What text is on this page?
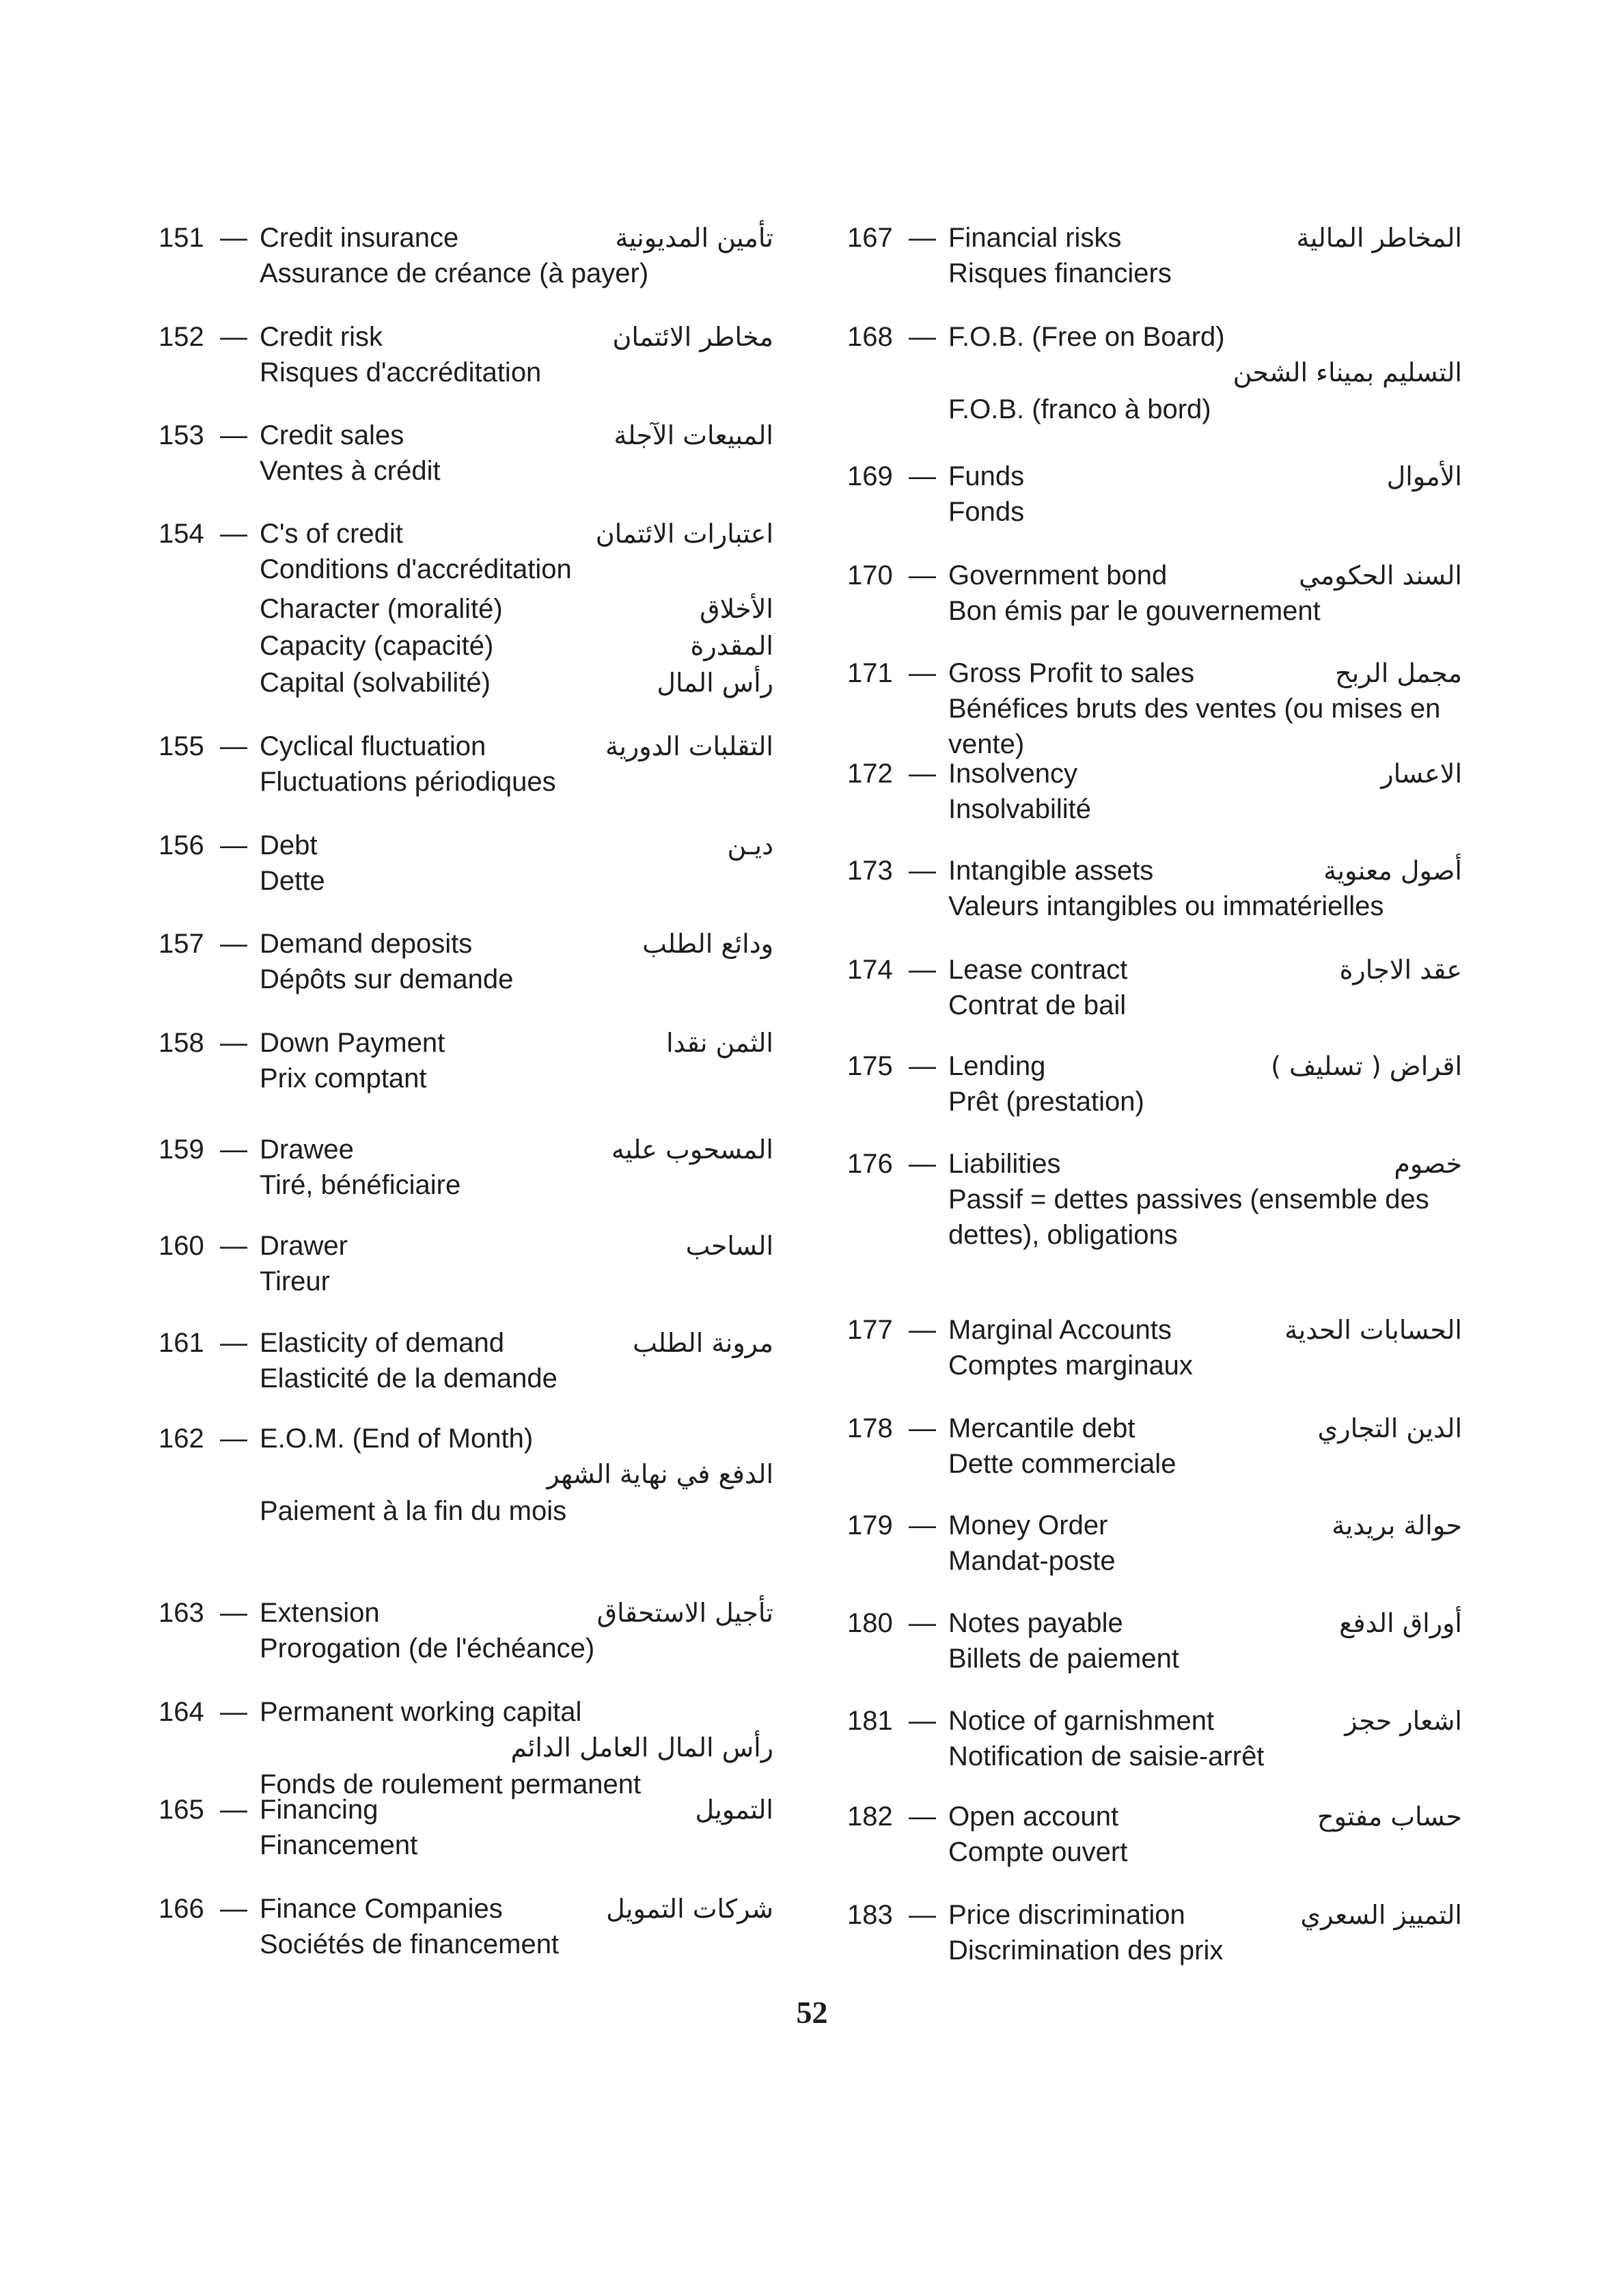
151 — Credit insurance	تأمين المديونية
Assurance de créance (à payer)
152 — Credit risk	مخاطر الائتمان
Risques d'accréditation
153 — Credit sales	المبيعات الآجلة
Ventes à crédit
154 — C's of credit	اعتبارات الائتمان
Conditions d'accréditation
Character (moralité)	الأخلاق
Capacity (capacité)	المقدرة
Capital (solvabilité)	رأس المال
155 — Cyclical fluctuation	التقلبات الدورية
Fluctuations périodiques
156 — Debt	ديـن
Dette
157 — Demand deposits	ودائع الطلب
Dépôts sur demande
158 — Down Payment	الثمن نقدا
Prix comptant
159 — Drawee	المسحوب عليه
Tiré, bénéficiaire
160 — Drawer	الساحب
Tireur
161 — Elasticity of demand	مرونة الطلب
Elasticité de la demande
162 — E.O.M. (End of Month)
الدفع في نهاية الشهر
Paiement à la fin du mois
163 — Extension	تأجيل الاستحقاق
Prorogation (de l'échéance)
164 — Permanent working capital
رأس المال العامل الدائم
Fonds de roulement permanent
165 — Financing	التمويل
Financement
166 — Finance Companies	شركات التمويل
Sociétés de financement
167 — Financial risks	المخاطر المالية
Risques financiers
168 — F.O.B. (Free on Board)
التسليم بميناء الشحن
F.O.B. (franco à bord)
169 — Funds	الأموال
Fonds
170 — Government bond	السند الحكومي
Bon émis par le gouvernement
171 — Gross Profit to sales	مجمل الربح
Bénéfices bruts des ventes (ou mises en vente)
172 — Insolvency	الاعسار
Insolvabilité
173 — Intangible assets	أصول معنوية
Valeurs intangibles ou immatérielles
174 — Lease contract	عقد الاجارة
Contrat de bail
175 — Lending	اقراض ( تسليف )
Prêt (prestation)
176 — Liabilities	خصوم
Passif = dettes passives (ensemble des dettes), obligations
177 — Marginal Accounts	الحسابات الحدية
Comptes marginaux
178 — Mercantile debt	الدين التجاري
Dette commerciale
179 — Money Order	حوالة بريدية
Mandat-poste
180 — Notes payable	أوراق الدفع
Billets de paiement
181 — Notice of garnishment	اشعار حجز
Notification de saisie-arrêt
182 — Open account	حساب مفتوح
Compte ouvert
183 — Price discrimination	التمييز السعري
Discrimination des prix
52
